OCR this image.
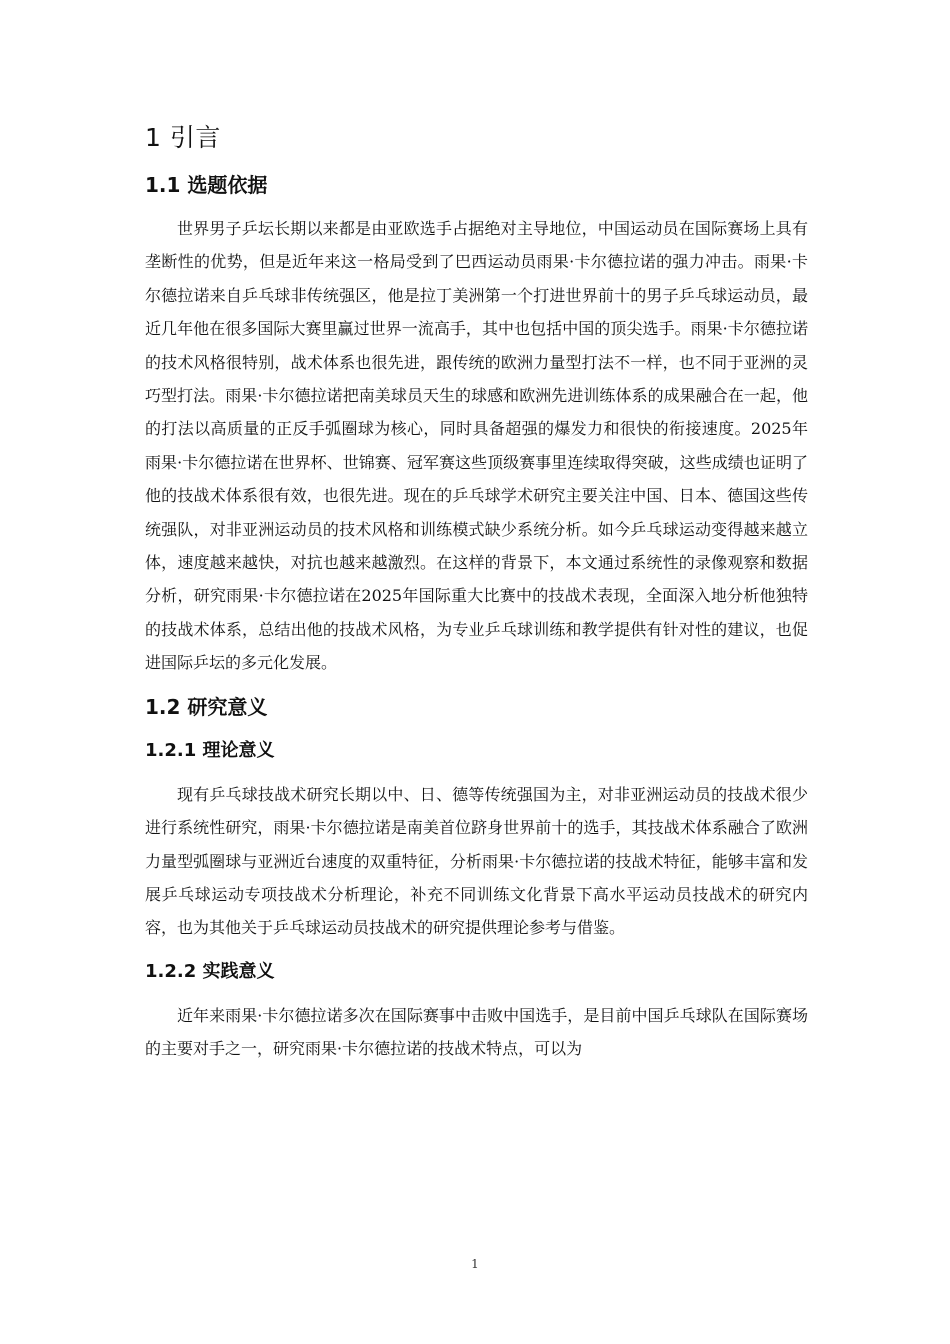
1 引言
1.1 选题依据

世界男子乒坛长期以来都是由亚欧选手占据绝对主导地位，中国运动员在国际赛场上具有垄断性的优势，但是近年来这一格局受到了巴西运动员雨果·卡尔德拉诺的强力冲击。雨果·卡尔德拉诺来自乒乓球非传统强区，他是拉丁美洲第一个打进世界前十的男子乒乓球运动员，最近几年他在很多国际大赛里赢过世界一流高手，其中也包括中国的顶尖选手。雨果·卡尔德拉诺的技术风格很特别，战术体系也很先进，跟传统的欧洲力量型打法不一样，也不同于亚洲的灵巧型打法。雨果·卡尔德拉诺把南美球员天生的球感和欧洲先进训练体系的成果融合在一起，他的打法以高质量的正反手弧圈球为核心，同时具备超强的爆发力和很快的衔接速度。2025年雨果·卡尔德拉诺在世界杯、世锦赛、冠军赛这些顶级赛事里连续取得突破，这些成绩也证明了他的技战术体系很有效，也很先进。现在的乒乓球学术研究主要关注中国、日本、德国这些传统强队，对非亚洲运动员的技术风格和训练模式缺少系统分析。如今乒乓球运动变得越来越立体，速度越来越快，对抗也越来越激烈。在这样的背景下，本文通过系统性的录像观察和数据分析，研究雨果·卡尔德拉诺在2025年国际重大比赛中的技战术表现，全面深入地分析他独特的技战术体系，总结出他的技战术风格，为专业乒乓球训练和教学提供有针对性的建议，也促进国际乒坛的多元化发展。

1.2 研究意义
1.2.1 理论意义

现有乒乓球技战术研究长期以中、日、德等传统强国为主，对非亚洲运动员的技战术很少进行系统性研究，雨果·卡尔德拉诺是南美首位跻身世界前十的选手，其技战术体系融合了欧洲力量型弧圈球与亚洲近台速度的双重特征，分析雨果·卡尔德拉诺的技战术特征，能够丰富和发展乒乓球运动专项技战术分析理论，补充不同训练文化背景下高水平运动员技战术的研究内容，也为其他关于乒乓球运动员技战术的研究提供理论参考与借鉴。

1.2.2 实践意义

近年来雨果·卡尔德拉诺多次在国际赛事中击败中国选手，是目前中国乒乓球队在国际赛场的主要对手之一，研究雨果·卡尔德拉诺的技战术特点，可以为

1
